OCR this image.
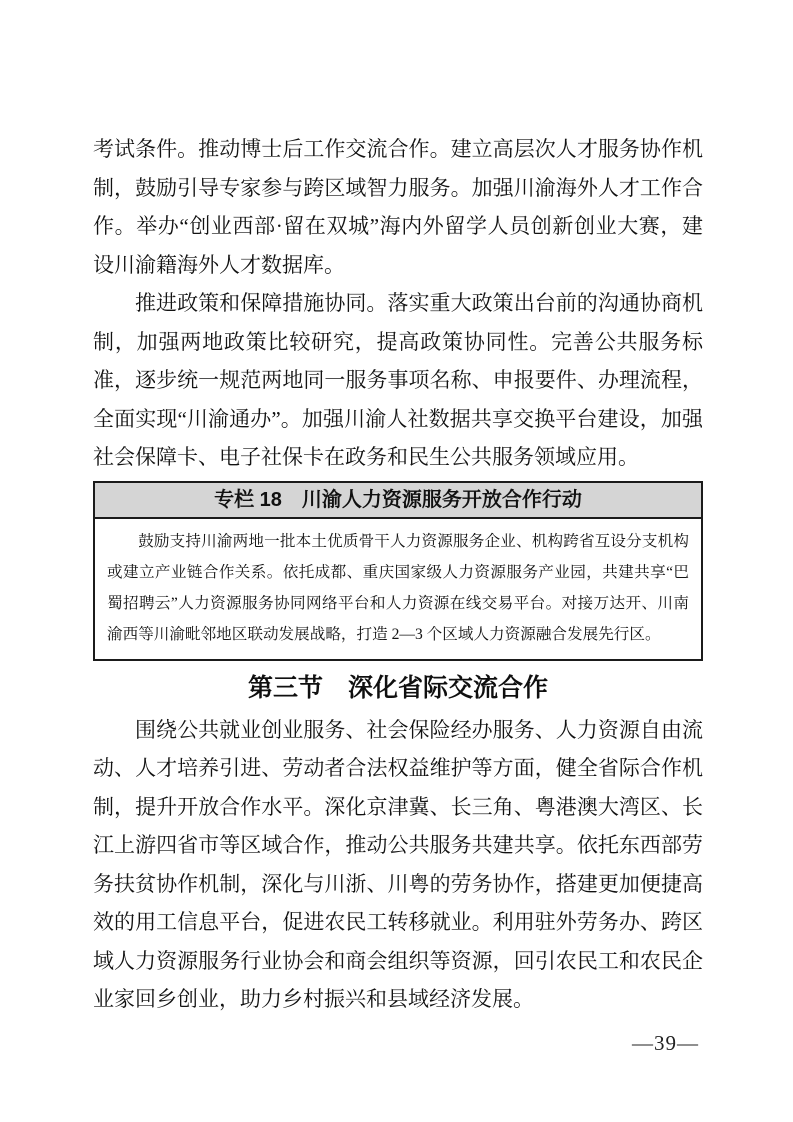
考试条件。推动博士后工作交流合作。建立高层次人才服务协作机制，鼓励引导专家参与跨区域智力服务。加强川渝海外人才工作合作。举办“创业西部·留在双城”海内外留学人员创新创业大赛，建设川渝籍海外人才数据库。

推进政策和保障措施协同。落实重大政策出台前的沟通协商机制，加强两地政策比较研究，提高政策协同性。完善公共服务标准，逐步统一规范两地同一服务事项名称、申报要件、办理流程，全面实现“川渝通办”。加强川渝人社数据共享交换平台建设，加强社会保障卡、电子社保卡在政务和民生公共服务领域应用。

专栏 18　川渝人力资源服务开放合作行动
鼓励支持川渝两地一批本土优质骨干人力资源服务企业、机构跨省互设分支机构或建立产业链合作关系。依托成都、重庆国家级人力资源服务产业园，共建共享“巴蜀招聘云”人力资源服务协同网络平台和人力资源在线交易平台。对接万达开、川南渝西等川渝毗邻地区联动发展战略，打造 2—3 个区域人力资源融合发展先行区。
第三节　深化省际交流合作

围绕公共就业创业服务、社会保险经办服务、人力资源自由流动、人才培养引进、劳动者合法权益维护等方面，健全省际合作机制，提升开放合作水平。深化京津冀、长三角、粤港澳大湾区、长江上游四省市等区域合作，推动公共服务共建共享。依托东西部劳务扶贫协作机制，深化与川浙、川粤的劳务协作，搭建更加便捷高效的用工信息平台，促进农民工转移就业。利用驻外劳务办、跨区域人力资源服务行业协会和商会组织等资源，回引农民工和农民企业家回乡创业，助力乡村振兴和县域经济发展。

—39—
